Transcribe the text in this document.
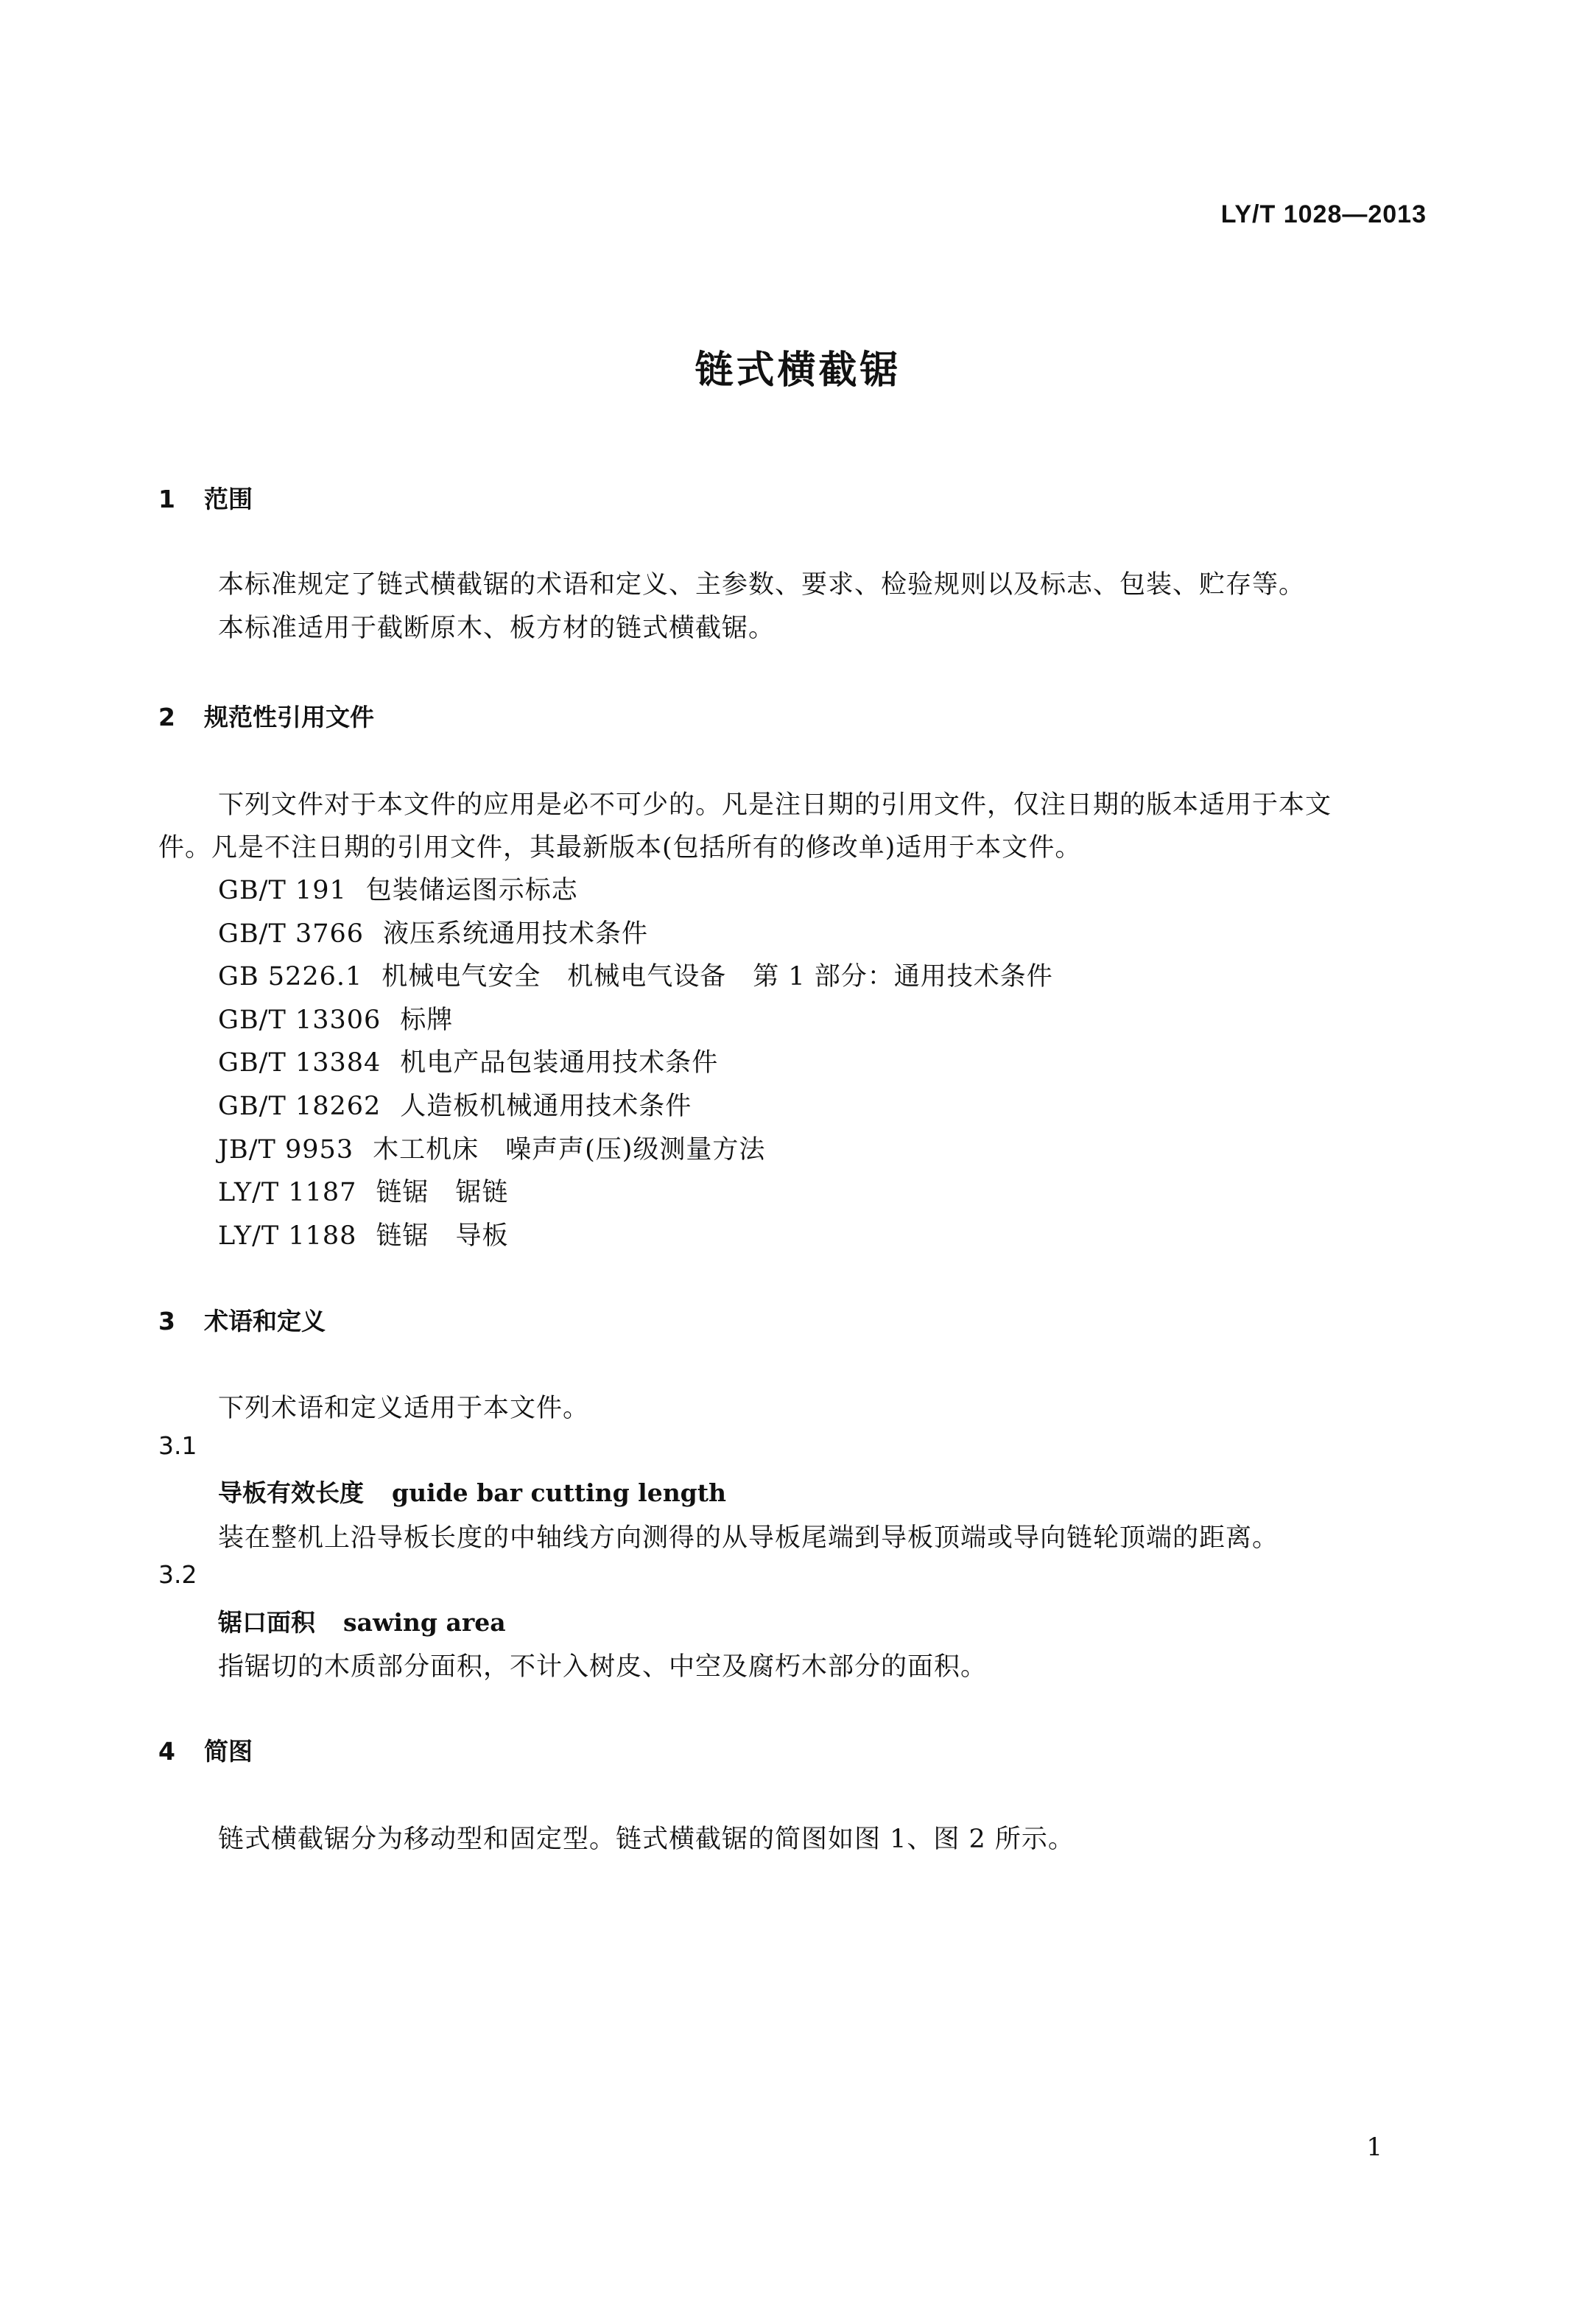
LY/T 1028—2013
链式横截锯
1 范围
本标准规定了链式横截锯的术语和定义、主参数、要求、检验规则以及标志、包装、贮存等。
本标准适用于截断原木、板方材的链式横截锯。
2 规范性引用文件
下列文件对于本文件的应用是必不可少的。凡是注日期的引用文件，仅注日期的版本适用于本文
件。凡是不注日期的引用文件，其最新版本(包括所有的修改单)适用于本文件。
GB/T 191 包装储运图示标志
GB/T 3766 液压系统通用技术条件
GB 5226.1 机械电气安全　机械电气设备　第 1 部分：通用技术条件
GB/T 13306 标牌
GB/T 13384 机电产品包装通用技术条件
GB/T 18262 人造板机械通用技术条件
JB/T 9953 木工机床　噪声声(压)级测量方法
LY/T 1187 链锯　锯链
LY/T 1188 链锯　导板
3 术语和定义
下列术语和定义适用于本文件。
3.1
导板有效长度 guide bar cutting length
装在整机上沿导板长度的中轴线方向测得的从导板尾端到导板顶端或导向链轮顶端的距离。
3.2
锯口面积 sawing area
指锯切的木质部分面积，不计入树皮、中空及腐朽木部分的面积。
4 简图
链式横截锯分为移动型和固定型。链式横截锯的简图如图 1、图 2 所示。
1
